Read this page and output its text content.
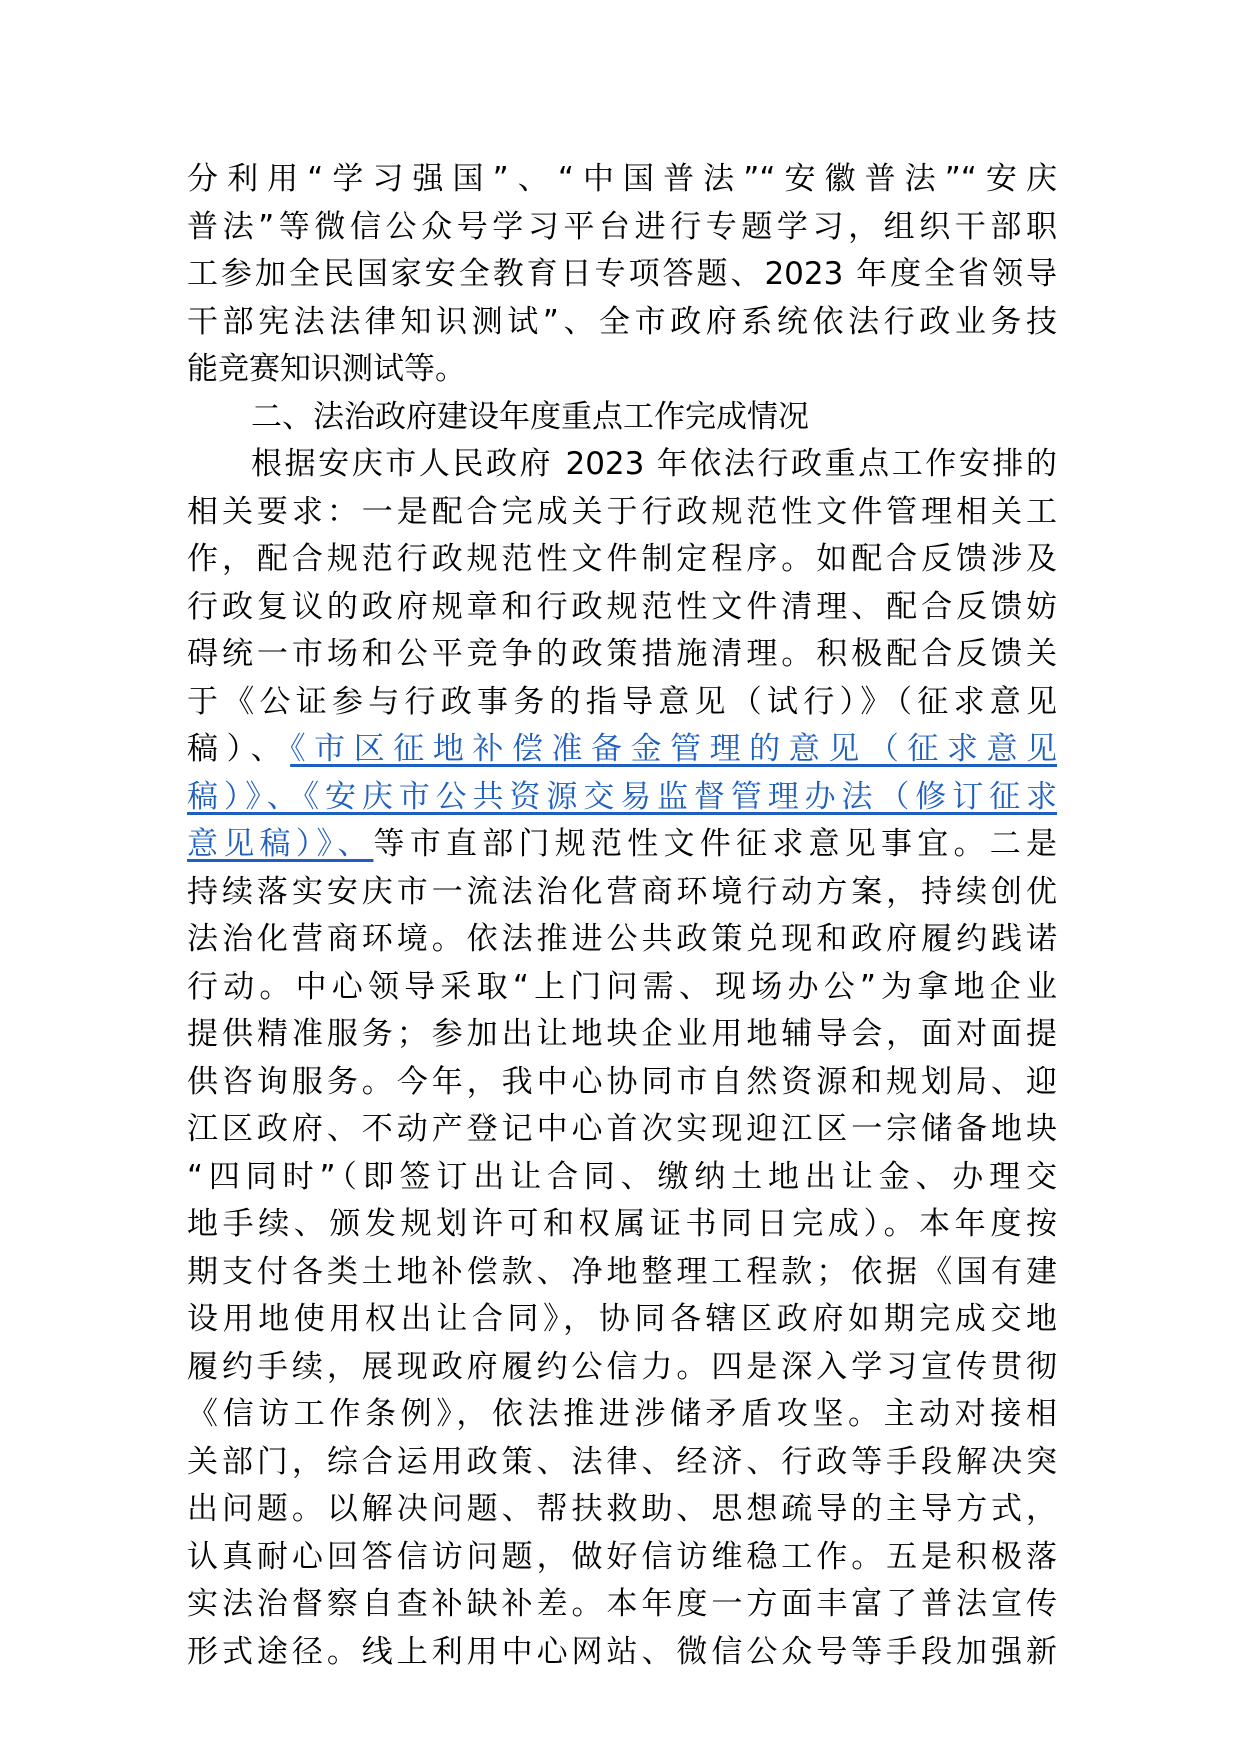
分利用“学习强国”、“中国普法”“安徽普法”“安庆
普法”等微信公众号学习平台进行专题学习，组织干部职
工参加全民国家安全教育日专项答题、2023 年度全省领导
干部宪法法律知识测试”、全市政府系统依法行政业务技
能竞赛知识测试等。
二、法治政府建设年度重点工作完成情况
根据安庆市人民政府 2023 年依法行政重点工作安排的
相关要求：一是配合完成关于行政规范性文件管理相关工
作，配合规范行政规范性文件制定程序。如配合反馈涉及
行政复议的政府规章和行政规范性文件清理、配合反馈妨
碍统一市场和公平竞争的政策措施清理。积极配合反馈关
于《公证参与行政事务的指导意见（试行）》（征求意见
稿）、《市区征地补偿准备金管理的意见（征求意见
稿）》、《安庆市公共资源交易监督管理办法（修订征求
意见稿）》、等市直部门规范性文件征求意见事宜。二是
持续落实安庆市一流法治化营商环境行动方案，持续创优
法治化营商环境。依法推进公共政策兑现和政府履约践诺
行动。中心领导采取“上门问需、现场办公”为拿地企业
提供精准服务；参加出让地块企业用地辅导会，面对面提
供咨询服务。今年，我中心协同市自然资源和规划局、迎
江区政府、不动产登记中心首次实现迎江区一宗储备地块
“四同时”（即签订出让合同、缴纳土地出让金、办理交
地手续、颁发规划许可和权属证书同日完成）。本年度按
期支付各类土地补偿款、净地整理工程款；依据《国有建
设用地使用权出让合同》，协同各辖区政府如期完成交地
履约手续，展现政府履约公信力。四是深入学习宣传贯彻
《信访工作条例》，依法推进涉储矛盾攻坚。主动对接相
关部门，综合运用政策、法律、经济、行政等手段解决突
出问题。以解决问题、帮扶救助、思想疏导的主导方式，
认真耐心回答信访问题，做好信访维稳工作。五是积极落
实法治督察自查补缺补差。本年度一方面丰富了普法宣传
形式途径。线上利用中心网站、微信公众号等手段加强新
